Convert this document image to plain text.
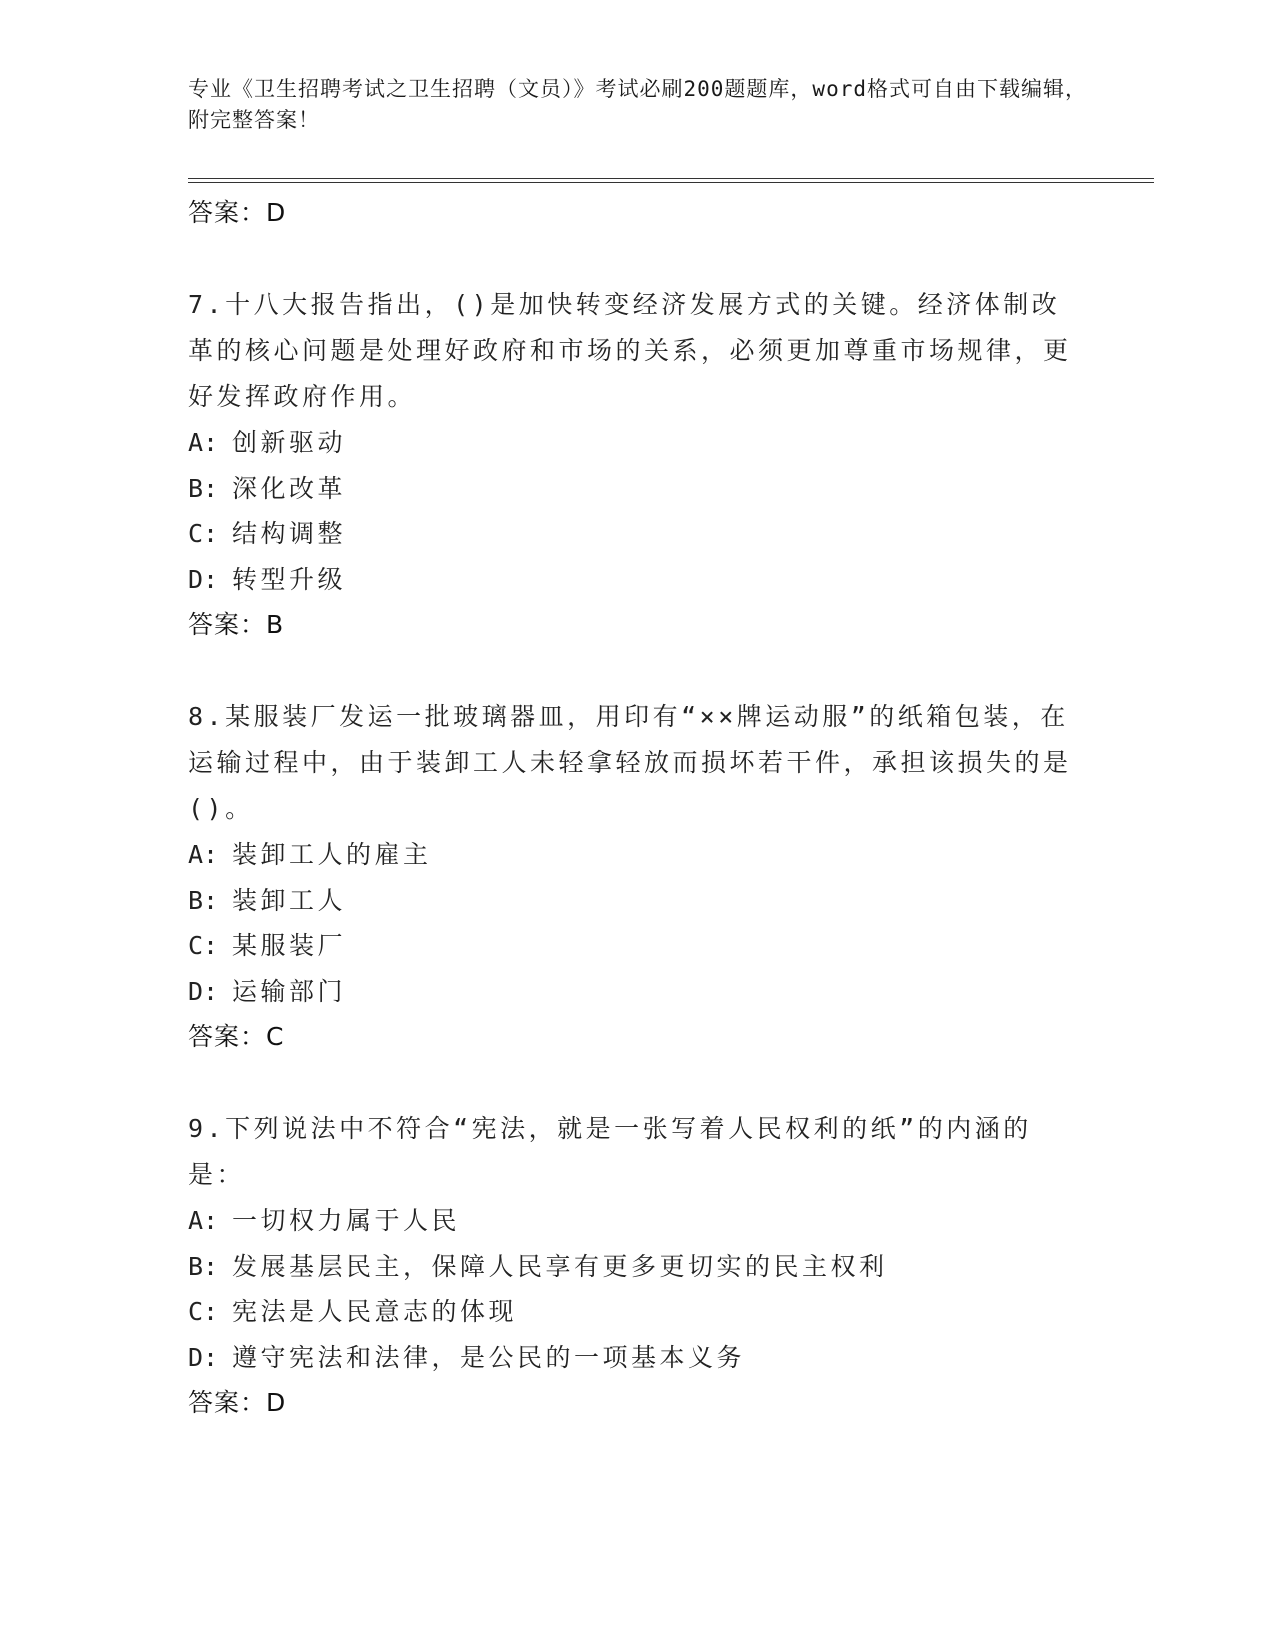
专业《卫生招聘考试之卫生招聘（文员）》考试必刷200题题库，word格式可自由下载编辑，附完整答案！
答案：D
7.十八大报告指出，()是加快转变经济发展方式的关键。经济体制改革的核心问题是处理好政府和市场的关系，必须更加尊重市场规律，更好发挥政府作用。
A: 创新驱动
B: 深化改革
C: 结构调整
D: 转型升级
答案：B
8.某服装厂发运一批玻璃器皿，用印有“××牌运动服”的纸箱包装，在运输过程中，由于装卸工人未轻拿轻放而损坏若干件，承担该损失的是()。
A: 装卸工人的雇主
B: 装卸工人
C: 某服装厂
D: 运输部门
答案：C
9.下列说法中不符合“宪法，就是一张写着人民权利的纸”的内涵的是：
A: 一切权力属于人民
B: 发展基层民主，保障人民享有更多更切实的民主权利
C: 宪法是人民意志的体现
D: 遵守宪法和法律，是公民的一项基本义务
答案：D
